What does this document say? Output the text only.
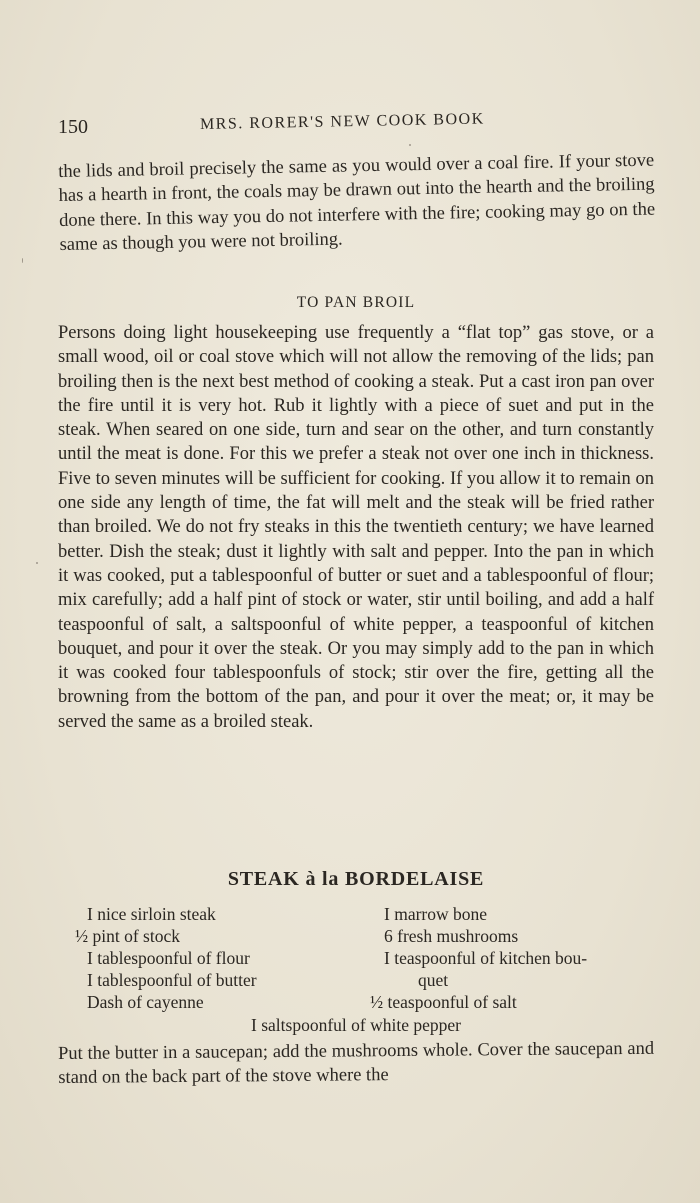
150	MRS. RORER'S NEW COOK BOOK

the lids and broil precisely the same as you would over a coal fire. If your stove has a hearth in front, the coals may be drawn out into the hearth and the broiling done there. In this way you do not interfere with the fire; cooking may go on the same as though you were not broiling.

TO PAN BROIL

Persons doing light housekeeping use frequently a “flat top” gas stove, or a small wood, oil or coal stove which will not allow the removing of the lids; pan broiling then is the next best method of cooking a steak. Put a cast iron pan over the fire until it is very hot. Rub it lightly with a piece of suet and put in the steak. When seared on one side, turn and sear on the other, and turn constantly until the meat is done. For this we prefer a steak not over one inch in thickness. Five to seven minutes will be sufficient for cooking. If you allow it to remain on one side any length of time, the fat will melt and the steak will be fried rather than broiled. We do not fry steaks in this the twentieth century; we have learned better. Dish the steak; dust it lightly with salt and pepper. Into the pan in which it was cooked, put a tablespoonful of butter or suet and a tablespoonful of flour; mix carefully; add a half pint of stock or water, stir until boiling, and add a half teaspoonful of salt, a saltspoonful of white pepper, a teaspoonful of kitchen bouquet, and pour it over the steak. Or you may simply add to the pan in which it was cooked four tablespoonfuls of stock; stir over the fire, getting all the browning from the bottom of the pan, and pour it over the meat; or, it may be served the same as a broiled steak.

STEAK à la BORDELAISE
I nice sirloin steak
½ pint of stock
I tablespoonful of flour
I tablespoonful of butter
Dash of cayenne
I marrow bone
6 fresh mushrooms
I teaspoonful of kitchen bou-
quet
½ teaspoonful of salt

I saltspoonful of white pepper

Put the butter in a saucepan; add the mushrooms whole. Cover the saucepan and stand on the back part of the stove where the
